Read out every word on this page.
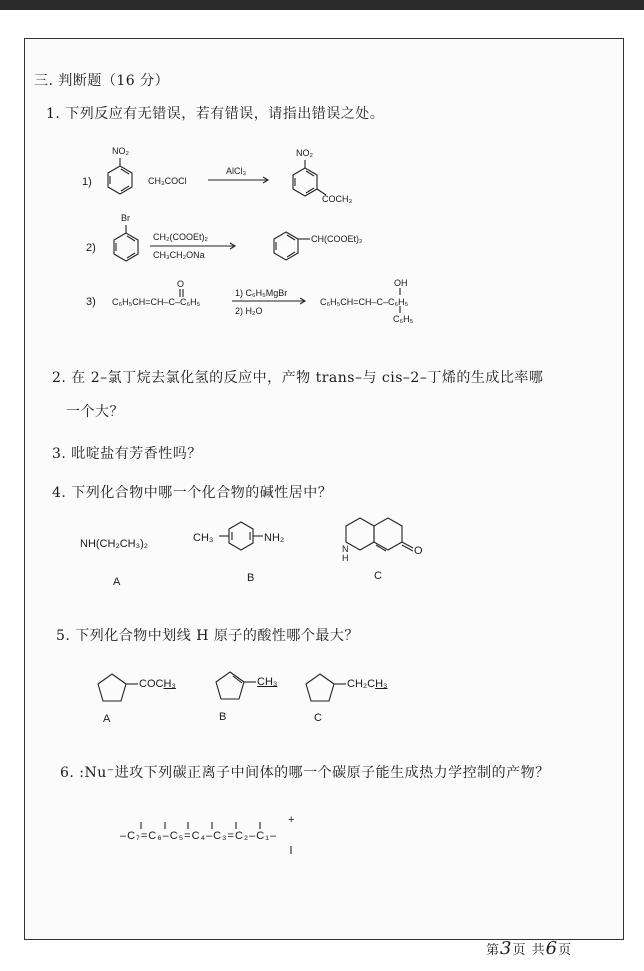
三. 判断题（16 分）
1. 下列反应有无错误，若有错误，请指出错误之处。
1)
NO₂
CH₃COCl
AlCl₃
NO₂
COCH₃
2)
Br
CH₂(COOEt)₂
CH₃CH₂ONa
CH(COOEt)₂
3)
O
C₆H₅CH=CH–C–C₆H₅
1) C₆H₅MgBr
2) H₂O
OH
C₆H₅CH=CH–C–C₆H₅
C₆H₅
2. 在 2–氯丁烷去氯化氢的反应中，产物 trans–与 cis–2–丁烯的生成比率哪
一个大？
3. 吡啶盐有芳香性吗？
4. 下列化合物中哪一个化合物的碱性居中？
NH(CH₂CH₃)₂	CH₃	NH₂
N
H
O
A	B	C
5. 下列化合物中划线 H 原子的酸性哪个最大？
COCH₃	CH₃	CH₂CH₃
A	B	C
6. :Nu⁻进攻下列碳正离子中间体的哪一个碳原子能生成热力学控制的产物？
+
–C₇=C₆–C₅=C₄–C₃=C₂–C₁–
第3页 共6页
